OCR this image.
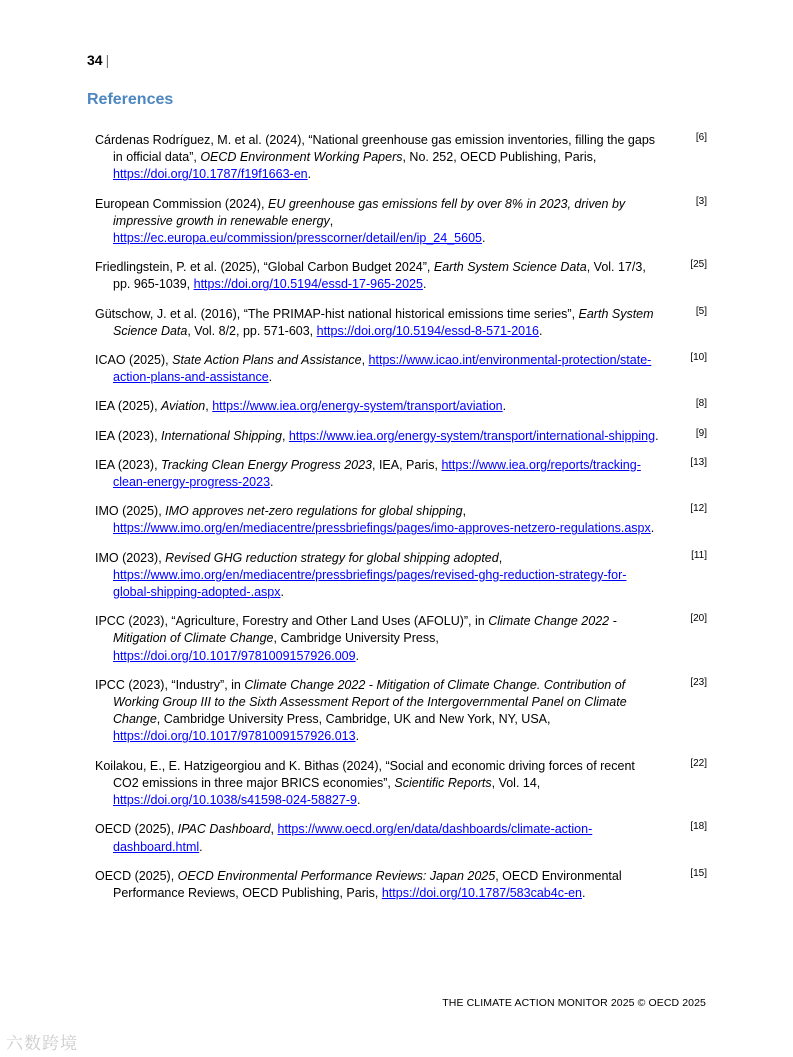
34 |
References
Cárdenas Rodríguez, M. et al. (2024), “National greenhouse gas emission inventories, filling the gaps in official data”, OECD Environment Working Papers, No. 252, OECD Publishing, Paris, https://doi.org/10.1787/f19f1663-en.
[6]
European Commission (2024), EU greenhouse gas emissions fell by over 8% in 2023, driven by impressive growth in renewable energy, https://ec.europa.eu/commission/presscorner/detail/en/ip_24_5605.
[3]
Friedlingstein, P. et al. (2025), “Global Carbon Budget 2024”, Earth System Science Data, Vol. 17/3, pp. 965-1039, https://doi.org/10.5194/essd-17-965-2025.
[25]
Gütschow, J. et al. (2016), “The PRIMAP-hist national historical emissions time series”, Earth System Science Data, Vol. 8/2, pp. 571-603, https://doi.org/10.5194/essd-8-571-2016.
[5]
ICAO (2025), State Action Plans and Assistance, https://www.icao.int/environmental-protection/state-action-plans-and-assistance.
[10]
IEA (2025), Aviation, https://www.iea.org/energy-system/transport/aviation.	[8]
IEA (2023), International Shipping, https://www.iea.org/energy-system/transport/international-shipping.	[9]
IEA (2023), Tracking Clean Energy Progress 2023, IEA, Paris, https://www.iea.org/reports/tracking-clean-energy-progress-2023.
[13]
IMO (2025), IMO approves net-zero regulations for global shipping, https://www.imo.org/en/mediacentre/pressbriefings/pages/imo-approves-netzero-regulations.aspx.
[12]
IMO (2023), Revised GHG reduction strategy for global shipping adopted, https://www.imo.org/en/mediacentre/pressbriefings/pages/revised-ghg-reduction-strategy-for-global-shipping-adopted-.aspx.
[11]
IPCC (2023), “Agriculture, Forestry and Other Land Uses (AFOLU)”, in Climate Change 2022 - Mitigation of Climate Change, Cambridge University Press, https://doi.org/10.1017/9781009157926.009.
[20]
IPCC (2023), “Industry”, in Climate Change 2022 - Mitigation of Climate Change. Contribution of Working Group III to the Sixth Assessment Report of the Intergovernmental Panel on Climate Change, Cambridge University Press, Cambridge, UK and New York, NY, USA, https://doi.org/10.1017/9781009157926.013.
[23]
Koilakou, E., E. Hatzigeorgiou and K. Bithas (2024), “Social and economic driving forces of recent CO2 emissions in three major BRICS economies”, Scientific Reports, Vol. 14, https://doi.org/10.1038/s41598-024-58827-9.
[22]
OECD (2025), IPAC Dashboard, https://www.oecd.org/en/data/dashboards/climate-action-dashboard.html.
[18]
OECD (2025), OECD Environmental Performance Reviews: Japan 2025, OECD Environmental Performance Reviews, OECD Publishing, Paris, https://doi.org/10.1787/583cab4c-en.
[15]
THE CLIMATE ACTION MONITOR 2025 © OECD 2025
六数跨境
